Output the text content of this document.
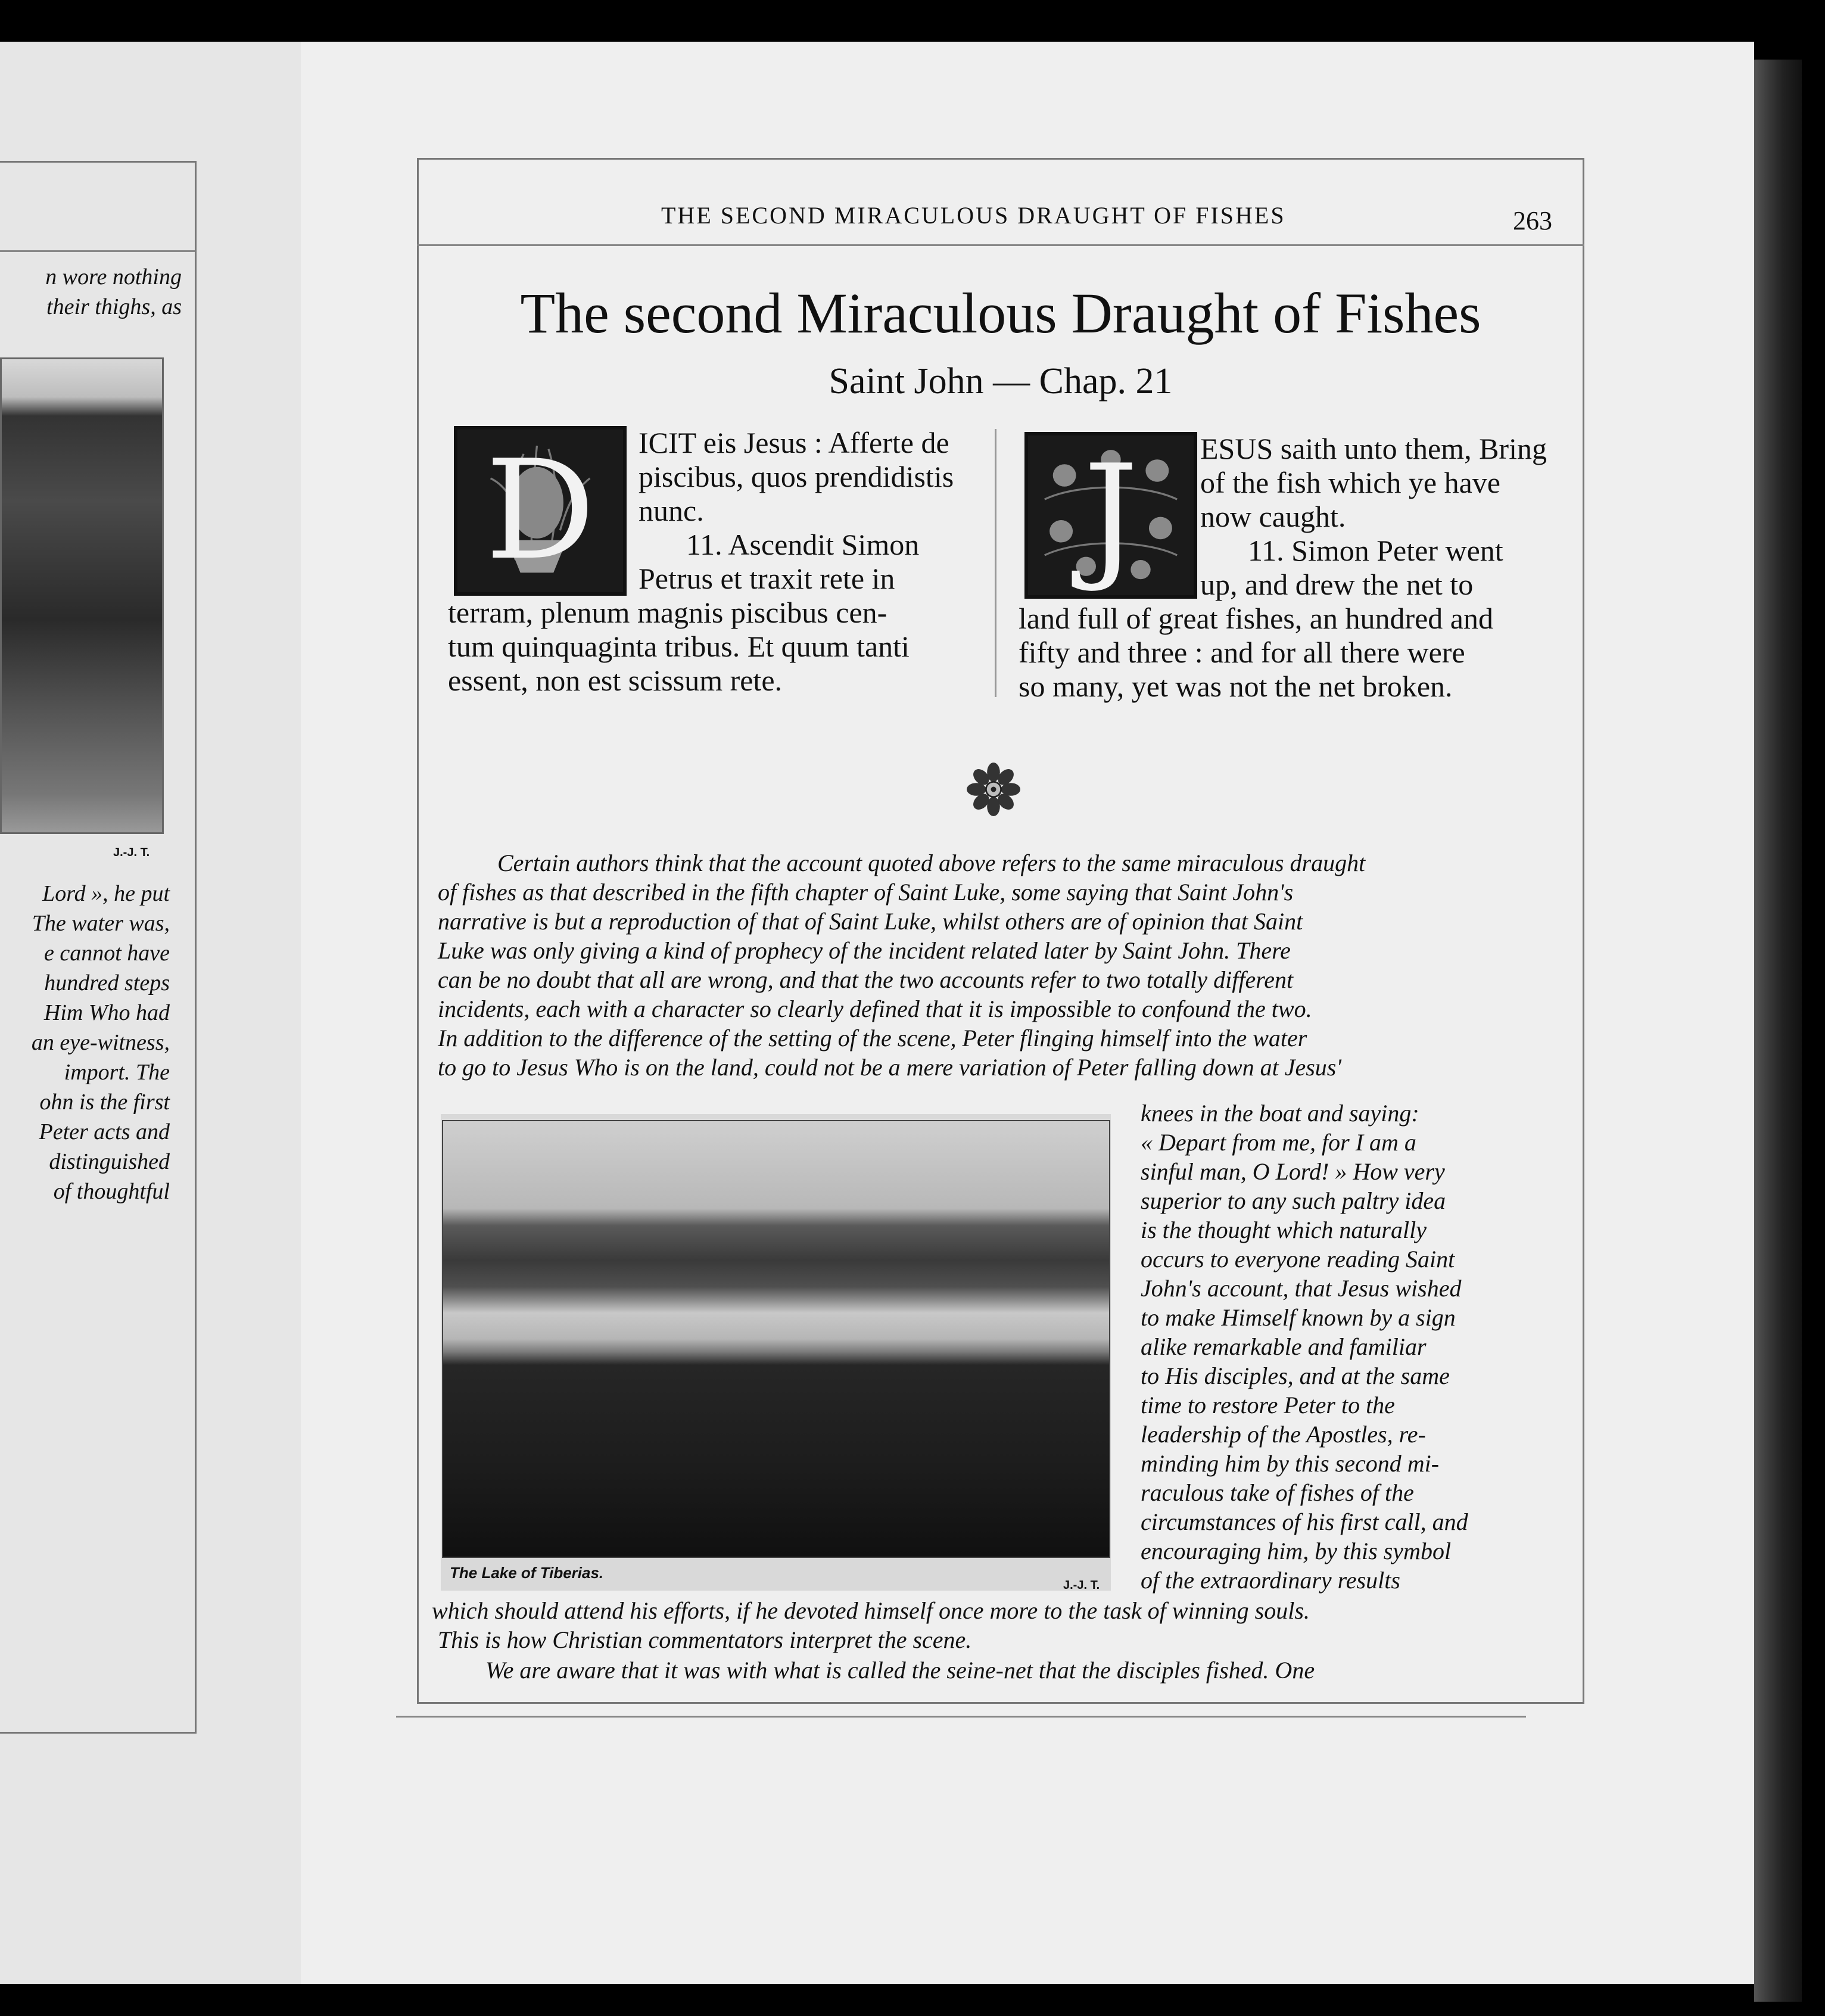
n wore nothing
their thighs, as
J.-J. T.
Lord », he put
The water was,
e cannot have
hundred steps
Him Who had
an eye-witness,
import. The
ohn is the first
Peter acts and
distinguished
of thoughtful
THE SECOND MIRACULOUS DRAUGHT OF FISHES	263
The second Miraculous Draught of Fishes
Saint John — Chap. 21
D	ICIT eis Jesus : Afferte de
piscibus, quos prendidistis
nunc.
11. Ascendit Simon
Petrus et traxit rete in
terram, plenum magnis piscibus cen-
tum quinquaginta tribus. Et quum tanti
essent, non est scissum rete.
J	ESUS saith unto them, Bring
of the fish which ye have
now caught.
11. Simon Peter went
up, and drew the net to
land full of great fishes, an hundred and
fifty and three : and for all there were
so many, yet was not the net broken.
Certain authors think that the account quoted above refers to the same miraculous draught
of fishes as that described in the fifth chapter of Saint Luke, some saying that Saint John's
narrative is but a reproduction of that of Saint Luke, whilst others are of opinion that Saint
Luke was only giving a kind of prophecy of the incident related later by Saint John. There
can be no doubt that all are wrong, and that the two accounts refer to two totally different
incidents, each with a character so clearly defined that it is impossible to confound the two.
In addition to the difference of the setting of the scene, Peter flinging himself into the water
to go to Jesus Who is on the land, could not be a mere variation of Peter falling down at Jesus'
The Lake of Tiberias.
J.-J. T.
knees in the boat and saying:
« Depart from me, for I am a
sinful man, O Lord! » How very
superior to any such paltry idea
is the thought which naturally
occurs to everyone reading Saint
John's account, that Jesus wished
to make Himself known by a sign
alike remarkable and familiar
to His disciples, and at the same
time to restore Peter to the
leadership of the Apostles, re-
minding him by this second mi-
raculous take of fishes of the
circumstances of his first call, and
encouraging him, by this symbol
of the extraordinary results
which should attend his efforts, if he devoted himself once more to the task of winning souls.
This is how Christian commentators interpret the scene.
We are aware that it was with what is called the seine-net that the disciples fished. One
